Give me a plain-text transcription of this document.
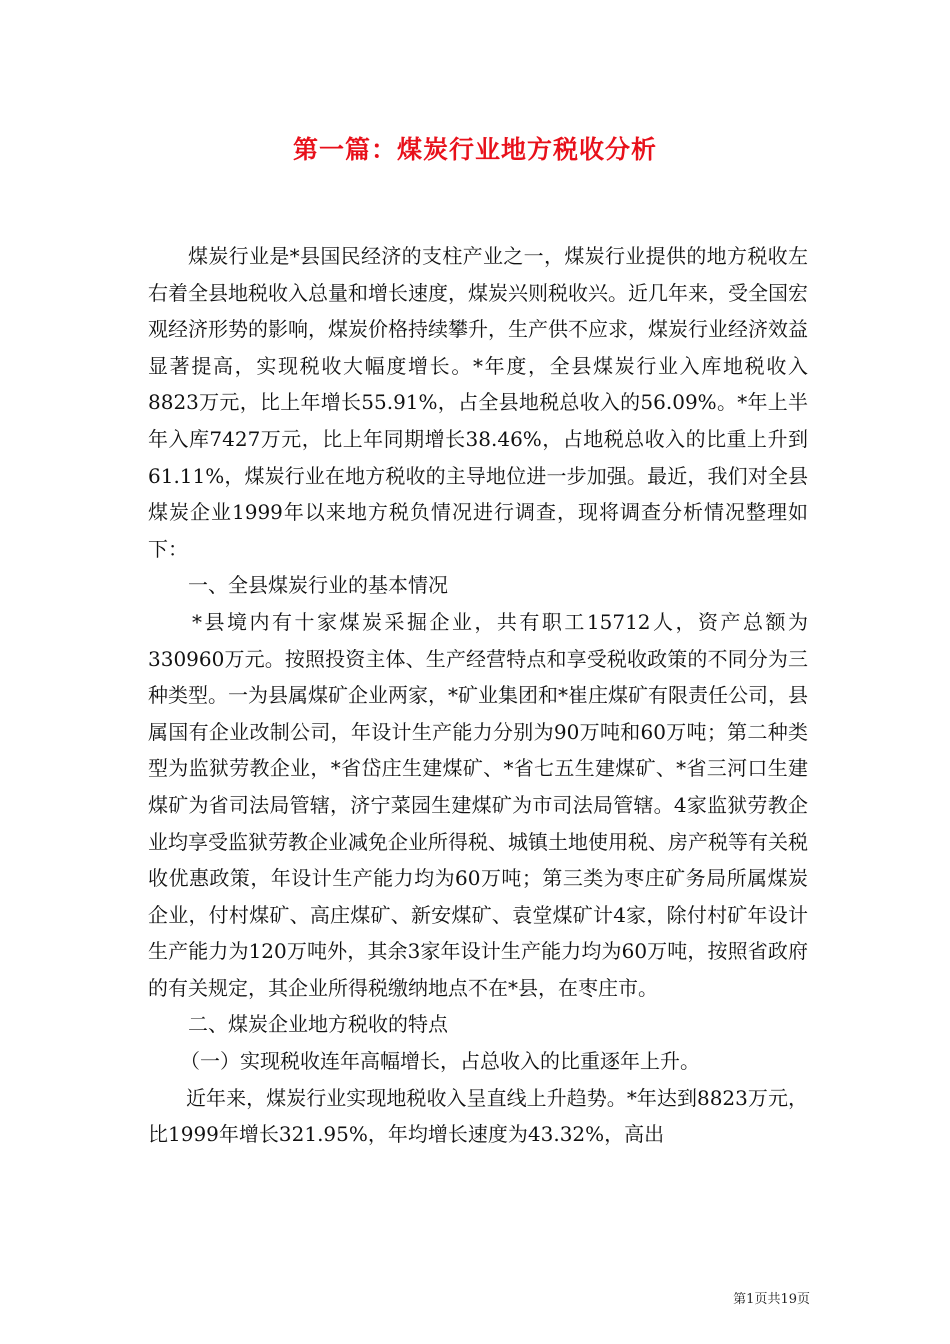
第一篇：煤炭行业地方税收分析

煤炭行业是*县国民经济的支柱产业之一，煤炭行业提供的地方税收左右着全县地税收入总量和增长速度，煤炭兴则税收兴。近几年来，受全国宏观经济形势的影响，煤炭价格持续攀升，生产供不应求，煤炭行业经济效益显著提高，实现税收大幅度增长。*年度，全县煤炭行业入库地税收入8823万元，比上年增长55.91%，占全县地税总收入的56.09%。*年上半年入库7427万元，比上年同期增长38.46%，占地税总收入的比重上升到61.11%，煤炭行业在地方税收的主导地位进一步加强。最近，我们对全县煤炭企业1999年以来地方税负情况进行调查，现将调查分析情况整理如下：

一、全县煤炭行业的基本情况

*县境内有十家煤炭采掘企业，共有职工15712人，资产总额为330960万元。按照投资主体、生产经营特点和享受税收政策的不同分为三种类型。一为县属煤矿企业两家，*矿业集团和*崔庄煤矿有限责任公司，县属国有企业改制公司，年设计生产能力分别为90万吨和60万吨；第二种类型为监狱劳教企业，*省岱庄生建煤矿、*省七五生建煤矿、*省三河口生建煤矿为省司法局管辖，济宁菜园生建煤矿为市司法局管辖。4家监狱劳教企业均享受监狱劳教企业减免企业所得税、城镇土地使用税、房产税等有关税收优惠政策，年设计生产能力均为60万吨；第三类为枣庄矿务局所属煤炭企业，付村煤矿、高庄煤矿、新安煤矿、袁堂煤矿计4家，除付村矿年设计生产能力为120万吨外，其余3家年设计生产能力均为60万吨，按照省政府的有关规定，其企业所得税缴纳地点不在*县，在枣庄市。

二、煤炭企业地方税收的特点

（一）实现税收连年高幅增长，占总收入的比重逐年上升。

近年来，煤炭行业实现地税收入呈直线上升趋势。*年达到8823万元，比1999年增长321.95%，年均增长速度为43.32%，高出

第1页共19页
